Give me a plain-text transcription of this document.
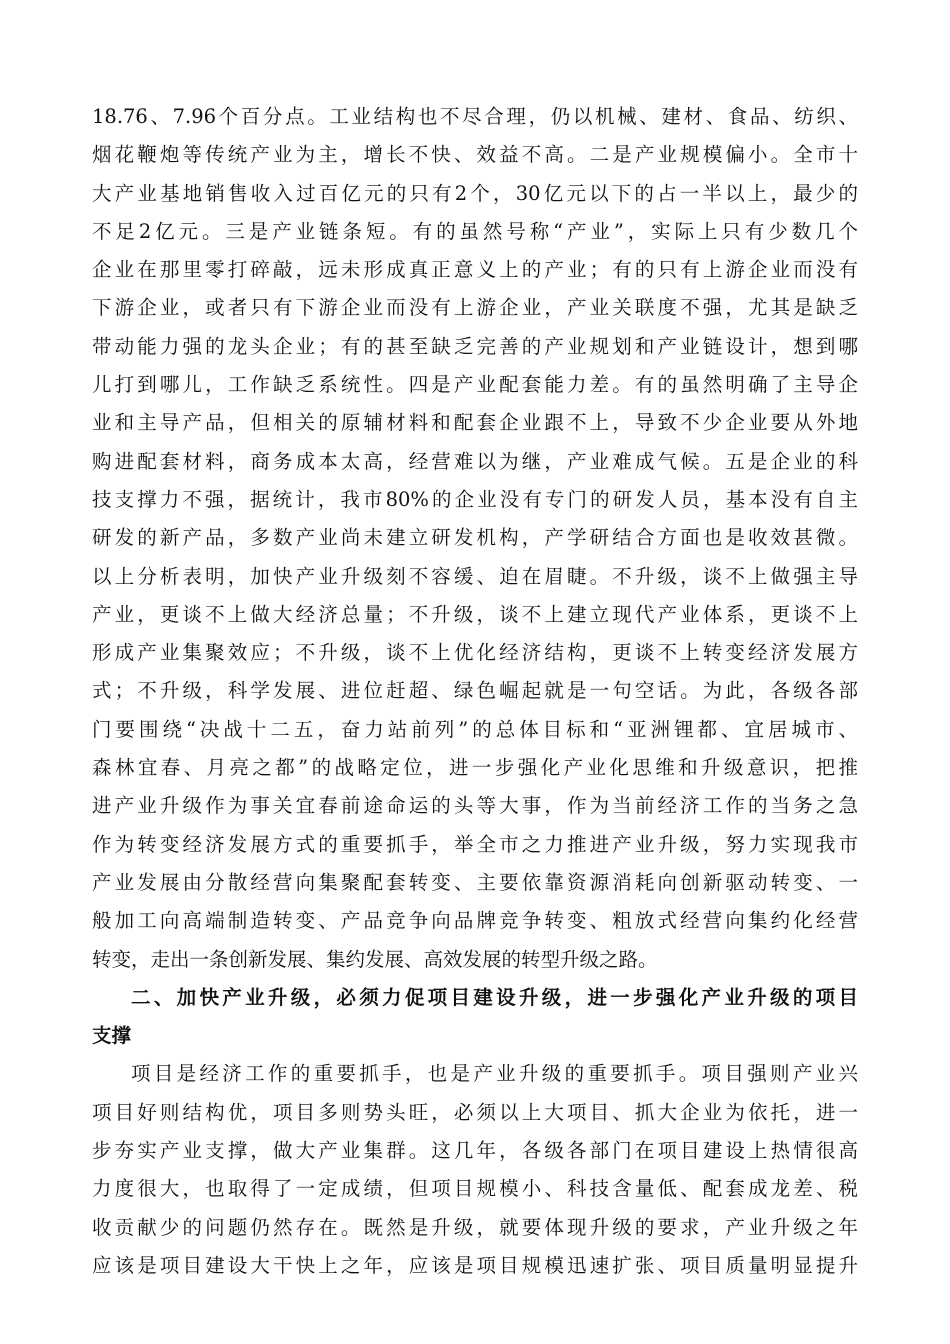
18.76、7.96个百分点。工业结构也不尽合理，仍以机械、建材、食品、纺织、
烟花鞭炮等传统产业为主，增长不快、效益不高。二是产业规模偏小。全市十
大产业基地销售收入过百亿元的只有2个，30亿元以下的占一半以上，最少的
不足2亿元。三是产业链条短。有的虽然号称“产业”，实际上只有少数几个
企业在那里零打碎敲，远未形成真正意义上的产业；有的只有上游企业而没有
下游企业，或者只有下游企业而没有上游企业，产业关联度不强，尤其是缺乏
带动能力强的龙头企业；有的甚至缺乏完善的产业规划和产业链设计，想到哪
儿打到哪儿，工作缺乏系统性。四是产业配套能力差。有的虽然明确了主导企
业和主导产品，但相关的原辅材料和配套企业跟不上，导致不少企业要从外地
购进配套材料，商务成本太高，经营难以为继，产业难成气候。五是企业的科
技支撑力不强，据统计，我市80%的企业没有专门的研发人员，基本没有自主
研发的新产品，多数产业尚未建立研发机构，产学研结合方面也是收效甚微。
以上分析表明，加快产业升级刻不容缓、迫在眉睫。不升级，谈不上做强主导
产业，更谈不上做大经济总量；不升级，谈不上建立现代产业体系，更谈不上
形成产业集聚效应；不升级，谈不上优化经济结构，更谈不上转变经济发展方
式；不升级，科学发展、进位赶超、绿色崛起就是一句空话。为此，各级各部
门要围绕“决战十二五，奋力站前列”的总体目标和“亚洲锂都、宜居城市、
森林宜春、月亮之都”的战略定位，进一步强化产业化思维和升级意识，把推
进产业升级作为事关宜春前途命运的头等大事，作为当前经济工作的当务之急
作为转变经济发展方式的重要抓手，举全市之力推进产业升级，努力实现我市
产业发展由分散经营向集聚配套转变、主要依靠资源消耗向创新驱动转变、一
般加工向高端制造转变、产品竞争向品牌竞争转变、粗放式经营向集约化经营
转变，走出一条创新发展、集约发展、高效发展的转型升级之路。
二、加快产业升级，必须力促项目建设升级，进一步强化产业升级的项目
支撑
项目是经济工作的重要抓手，也是产业升级的重要抓手。项目强则产业兴
项目好则结构优，项目多则势头旺，必须以上大项目、抓大企业为依托，进一
步夯实产业支撑，做大产业集群。这几年，各级各部门在项目建设上热情很高
力度很大，也取得了一定成绩，但项目规模小、科技含量低、配套成龙差、税
收贡献少的问题仍然存在。既然是升级，就要体现升级的要求，产业升级之年
应该是项目建设大干快上之年，应该是项目规模迅速扩张、项目质量明显提升
